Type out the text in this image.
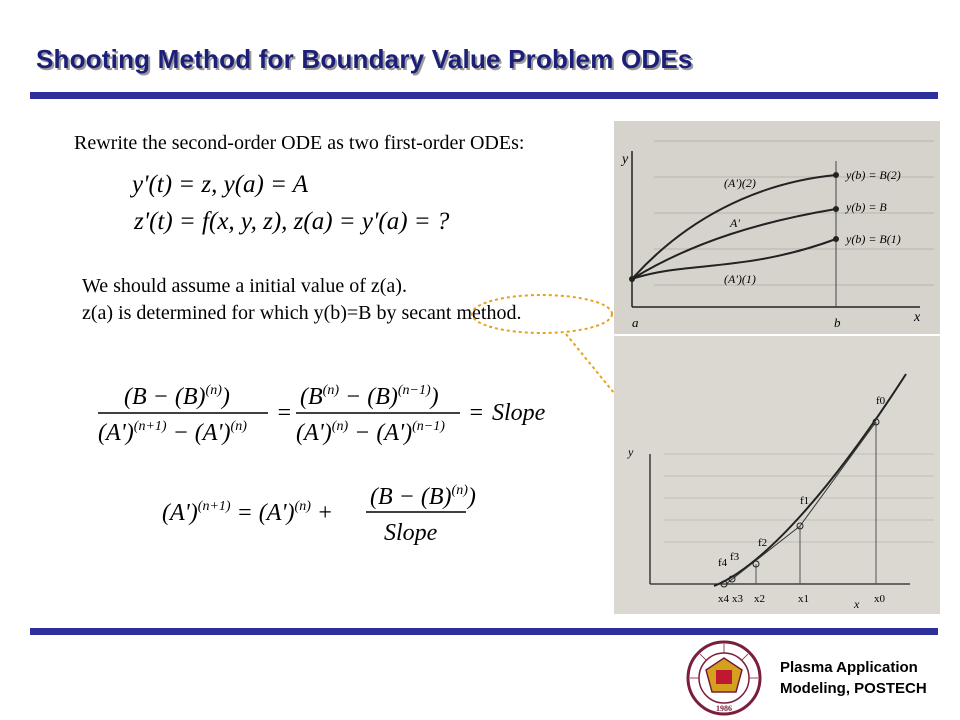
Shooting Method for Boundary Value Problem ODEs
Rewrite the second-order ODE as two first-order ODEs:
y'(t) = z, y(a) = A
z'(t) = f(x, y, z), z(a) = y'(a) = ?
We should assume a initial value of z(a).
z(a) is determined for which y(b)=B by secant method.
$(B - (B)^{(n)})$
$(A')^{(n+1)} - (A')^{(n)}$
=
$(B^{(n)} - (B)^{(n-1)})$
$(A')^{(n)} - (A')^{(n-1)}$
= Slope
$(A')^{(n+1)} = (A')^{(n)}$ +
$(B - (B)^{(n)})$
Slope
y
x
a	b
(A')(2)
A'
(A')(1)
y(b) = B(2)
y(b) = B
y(b) = B(1)
y
x
f0
f1
f2
f3
f4
x4 x3 x2	x1	x0
1986
Plasma Application
Modeling, POSTECH
